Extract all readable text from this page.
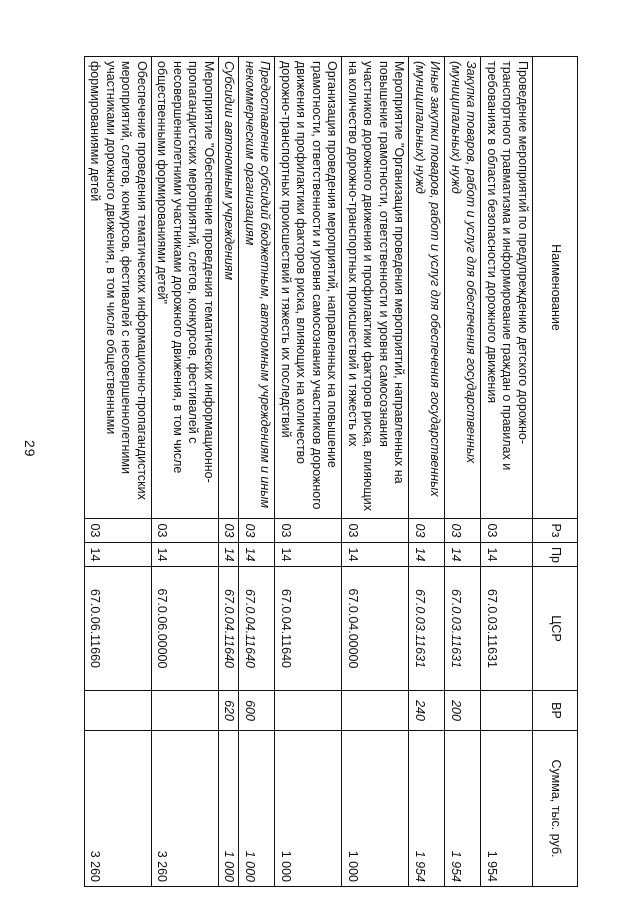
29
Наименование	Рз	Пр	ЦСР	ВР	Сумма, тыс. руб.
Проведение мероприятий по предупреждению детского дорожно-транспортного травматизма и информирование граждан о правилах и требованиях в области безопасности дорожного движения	03	14	67.0.03.11631		1 954
Закупка товаров, работ и услуг для обеспечения государственных (муниципальных) нужд	03	14	67.0.03.11631	200	1 954
Иные закупки товаров, работ и услуг для обеспечения государственных (муниципальных) нужд	03	14	67.0.03.11631	240	1 954
Мероприятие "Организация проведения мероприятий, направленных на повышение грамотности, ответственности и уровня самосознания участников дорожного движения и профилактики факторов риска, влияющих на количество дорожно-транспортных происшествий и тяжесть их	03	14	67.0.04.00000		1 000
Организация проведения мероприятий, направленных на повышение грамотности, ответственности и уровня самосознания участников дорожного движения и профилактики факторов риска, влияющих на количество дорожно-транспортных происшествий и тяжесть их последствий	03	14	67.0.04.11640		1 000
Предоставление субсидий бюджетным, автономным учреждениям и иным некоммерческим организациям	03	14	67.0.04.11640	600	1 000
Субсидии автономным учреждениям	03	14	67.0.04.11640	620	1 000
Мероприятие "Обеспечение проведения тематических информационно-пропагандистских мероприятий, слетов, конкурсов, фестивалей с несовершеннолетними участниками дорожного движения, в том числе общественными формированиями детей"	03	14	67.0.06.00000		3 260
Обеспечение проведения тематических информационно-пропагандистских мероприятий, слетов, конкурсов, фестивалей с несовершеннолетними участниками дорожного движения, в том числе общественными формированиями детей	03	14	67.0.06.11660		3 260
